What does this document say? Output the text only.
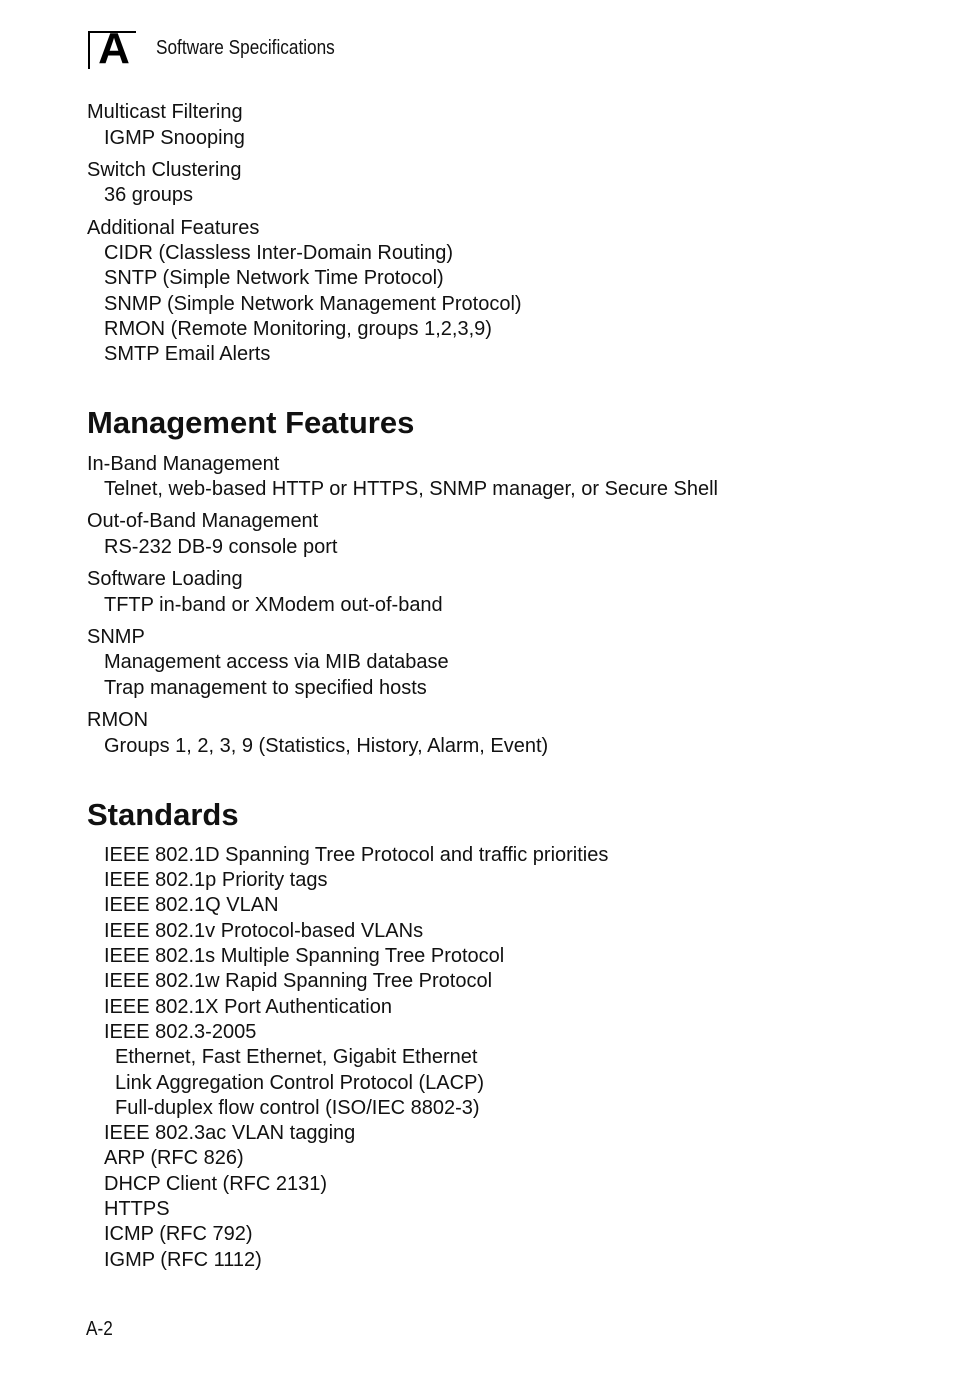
A	Software Specifications
Multicast Filtering
IGMP Snooping
Switch Clustering
36 groups
Additional Features
CIDR (Classless Inter-Domain Routing)
SNTP (Simple Network Time Protocol)
SNMP (Simple Network Management Protocol)
RMON (Remote Monitoring, groups 1,2,3,9)
SMTP Email Alerts
Management Features
In-Band Management
Telnet, web-based HTTP or HTTPS, SNMP manager, or Secure Shell
Out-of-Band Management
RS-232 DB-9 console port
Software Loading
TFTP in-band or XModem out-of-band
SNMP
Management access via MIB database
Trap management to specified hosts
RMON
Groups 1, 2, 3, 9 (Statistics, History, Alarm, Event)
Standards
IEEE 802.1D Spanning Tree Protocol and traffic priorities
IEEE 802.1p Priority tags
IEEE 802.1Q VLAN
IEEE 802.1v Protocol-based VLANs
IEEE 802.1s Multiple Spanning Tree Protocol
IEEE 802.1w Rapid Spanning Tree Protocol
IEEE 802.1X Port Authentication
IEEE 802.3-2005
Ethernet, Fast Ethernet, Gigabit Ethernet
Link Aggregation Control Protocol (LACP)
Full-duplex flow control (ISO/IEC 8802-3)
IEEE 802.3ac VLAN tagging
ARP (RFC 826)
DHCP Client (RFC 2131)
HTTPS
ICMP (RFC 792)
IGMP (RFC 1112)
A-2
